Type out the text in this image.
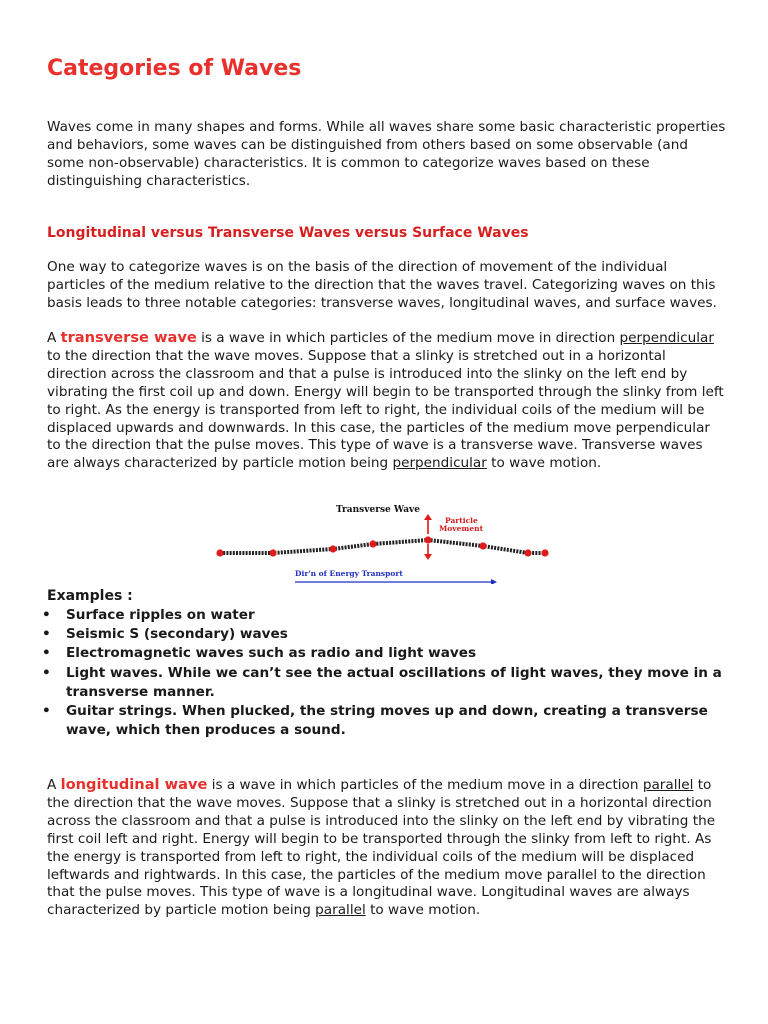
Categories of Waves

Waves come in many shapes and forms. While all waves share some basic characteristic properties and behaviors, some waves can be distinguished from others based on some observable (and some non-observable) characteristics. It is common to categorize waves based on these distinguishing characteristics.

Longitudinal versus Transverse Waves versus Surface Waves

One way to categorize waves is on the basis of the direction of movement of the individual particles of the medium relative to the direction that the waves travel. Categorizing waves on this basis leads to three notable categories: transverse waves, longitudinal waves, and surface waves.

A transverse wave is a wave in which particles of the medium move in direction perpendicular to the direction that the wave moves. Suppose that a slinky is stretched out in a horizontal direction across the classroom and that a pulse is introduced into the slinky on the left end by vibrating the first coil up and down. Energy will begin to be transported through the slinky from left to right. As the energy is transported from left to right, the individual coils of the medium will be displaced upwards and downwards. In this case, the particles of the medium move perpendicular to the direction that the pulse moves. This type of wave is a transverse wave. Transverse waves are always characterized by particle motion being perpendicular to wave motion.

Transverse Wave
Particle
Movement
Dir'n of Energy Transport
Examples :
• Surface ripples on water
• Seismic S (secondary) waves
• Electromagnetic waves such as radio and light waves
• Light waves. While we can’t see the actual oscillations of light waves, they move in a transverse manner.
• Guitar strings. When plucked, the string moves up and down, creating a transverse wave, which then produces a sound.

A longitudinal wave is a wave in which particles of the medium move in a direction parallel to the direction that the wave moves. Suppose that a slinky is stretched out in a horizontal direction across the classroom and that a pulse is introduced into the slinky on the left end by vibrating the first coil left and right. Energy will begin to be transported through the slinky from left to right. As the energy is transported from left to right, the individual coils of the medium will be displaced leftwards and rightwards. In this case, the particles of the medium move parallel to the direction that the pulse moves. This type of wave is a longitudinal wave. Longitudinal waves are always characterized by particle motion being parallel to wave motion.
